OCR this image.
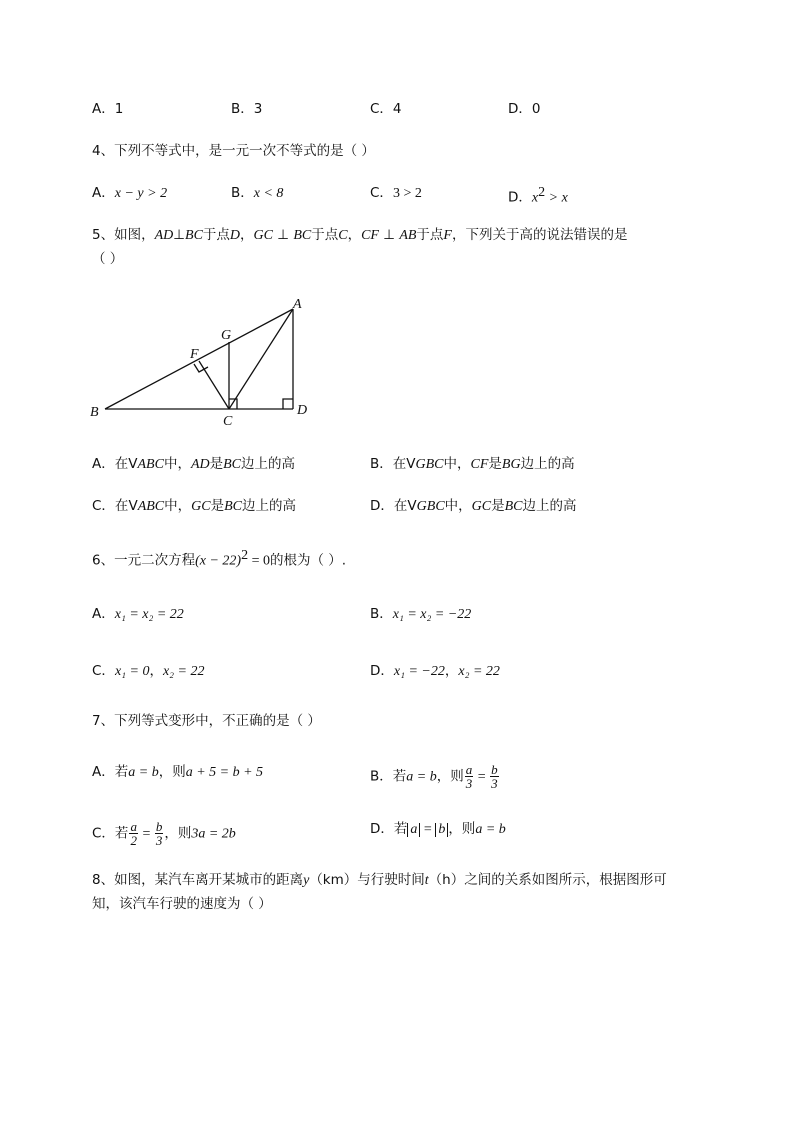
A．1	B．3	C．4	D．0
4、下列不等式中，是一元一次不等式的是（ ）
A．x − y > 2	B．x < 8	C．3 > 2	D．$x^2 > x$
5、如图，AD⊥BC于点D，GC ⊥ BC于点C，CF ⊥ AB于点F，下列关于高的说法错误的是
（ ）
A
B
C
D
F
G
A．在VABC中，AD是BC边上的高	B．在VGBC中，CF是BG边上的高
C．在VABC中，GC是BC边上的高	D．在VGBC中，GC是BC边上的高
6、一元二次方程$(x - 22)^2 = 0$的根为（ ）.
A．x₁ = x₂ = 22	B．x₁ = x₂ = −22
C．x₁ = 0，x₂ = 22	D．x₁ = −22，x₂ = 22
7、下列等式变形中，不正确的是（ ）
A．若a = b，则a + 5 = b + 5	B．若a = b，则 $\frac{a}{3} = \frac{b}{3}$
C．若 $\frac{a}{2} = \frac{b}{3}$ ，则3a = 2b	D．若 a = b ，则a = b
8、如图，某汽车离开某城市的距离y（km）与行驶时间t（h）之间的关系如图所示，根据图形可
知，该汽车行驶的速度为（ ）
